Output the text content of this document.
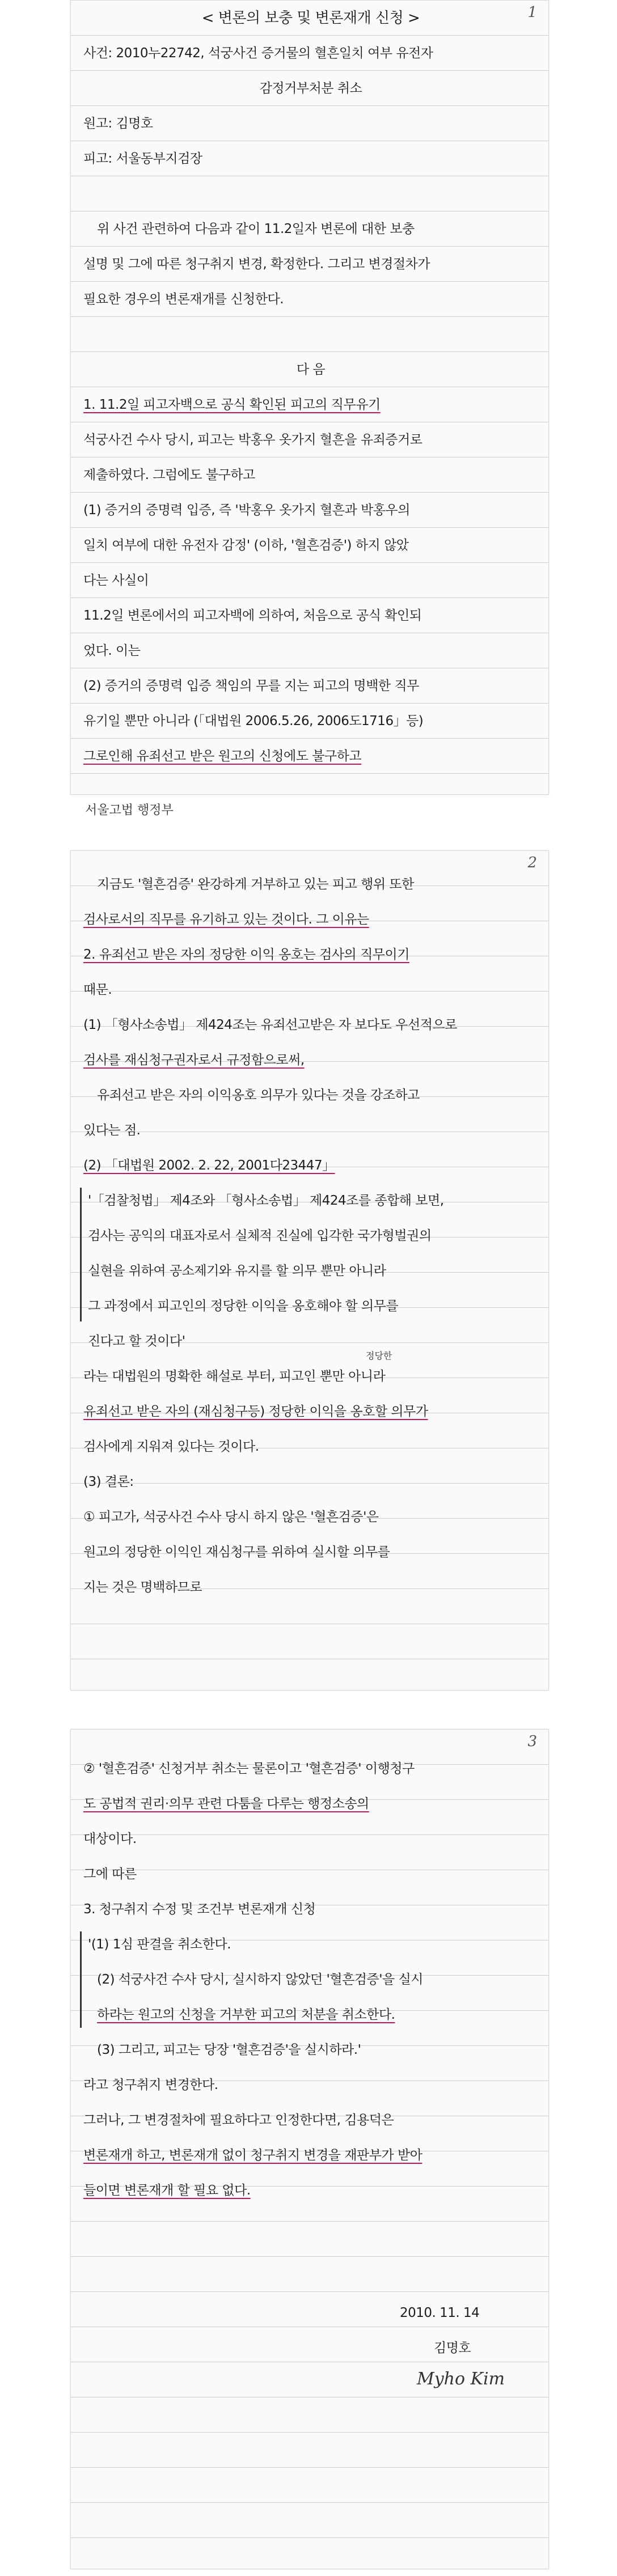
1
< 변론의 보충 및 변론재개 신청 >
사건: 2010누22742, 석궁사건 증거물의 혈흔일치 여부 유전자
감정거부처분 취소
원고: 김명호
피고: 서울동부지검장
위 사건 관련하여 다음과 같이 11.2일자 변론에 대한 보충
설명 및 그에 따른 청구취지 변경, 확정한다. 그리고 변경절차가
필요한 경우의 변론재개를 신청한다.
다 음
1. 11.2일 피고자백으로 공식 확인된 피고의 직무유기
석궁사건 수사 당시, 피고는 박홍우 옷가지 혈흔을 유죄증거로
제출하였다. 그럼에도 불구하고
(1) 증거의 증명력 입증, 즉 '박홍우 옷가지 혈흔과 박홍우의
일치 여부에 대한 유전자 감정' (이하, '혈흔검증') 하지 않았
다는 사실이
11.2일 변론에서의 피고자백에 의하여, 처음으로 공식 확인되
었다. 이는
(2) 증거의 증명력 입증 책임의 무를 지는 피고의 명백한 직무
유기일 뿐만 아니라 (「대법원 2006.5.26, 2006도1716」등)
그로인해 유죄선고 받은 원고의 신청에도 불구하고
서울고법 행정부
2
지금도 '혈흔검증' 완강하게 거부하고 있는 피고 행위 또한
검사로서의 직무를 유기하고 있는 것이다. 그 이유는
2. 유죄선고 받은 자의 정당한 이익 옹호는 검사의 직무이기
때문.
(1) 「형사소송법」 제424조는 유죄선고받은 자 보다도 우선적으로
검사를 재심청구권자로서 규정함으로써,
유죄선고 받은 자의 이익옹호 의무가 있다는 것을 강조하고
있다는 점.
(2) 「대법원 2002. 2. 22, 2001다23447」
'「검찰청법」 제4조와 「형사소송법」 제424조를 종합해 보면,
검사는 공익의 대표자로서 실체적 진실에 입각한 국가형벌권의
실현을 위하여 공소제기와 유지를 할 의무 뿐만 아니라
그 과정에서 피고인의 정당한 이익을 옹호해야 할 의무를
진다고 할 것이다'
정당한
라는 대법원의 명확한 해설로 부터, 피고인 뿐만 아니라
유죄선고 받은 자의 (재심청구등) 정당한 이익을 옹호할 의무가
검사에게 지워져 있다는 것이다.
(3) 결론:
① 피고가, 석궁사건 수사 당시 하지 않은 '혈흔검증'은
원고의 정당한 이익인 재심청구를 위하여 실시할 의무를
지는 것은 명백하므로
3
② '혈흔검증' 신청거부 취소는 물론이고 '혈흔검증' 이행청구
도 공법적 권리·의무 관련 다툼을 다루는 행정소송의
대상이다.
그에 따른
3. 청구취지 수정 및 조건부 변론재개 신청
'(1) 1심 판결을 취소한다.
(2) 석궁사건 수사 당시, 실시하지 않았던 '혈흔검증'을 실시
하라는 원고의 신청을 거부한 피고의 처분을 취소한다.
(3) 그리고, 피고는 당장 '혈흔검증'을 실시하라.'
라고 청구취지 변경한다.
그러나, 그 변경절차에 필요하다고 인정한다면, 김용덕은
변론재개 하고, 변론재개 없이 청구취지 변경을 재판부가 받아
들이면 변론재개 할 필요 없다.
2010. 11. 14
김명호
Myho Kim
